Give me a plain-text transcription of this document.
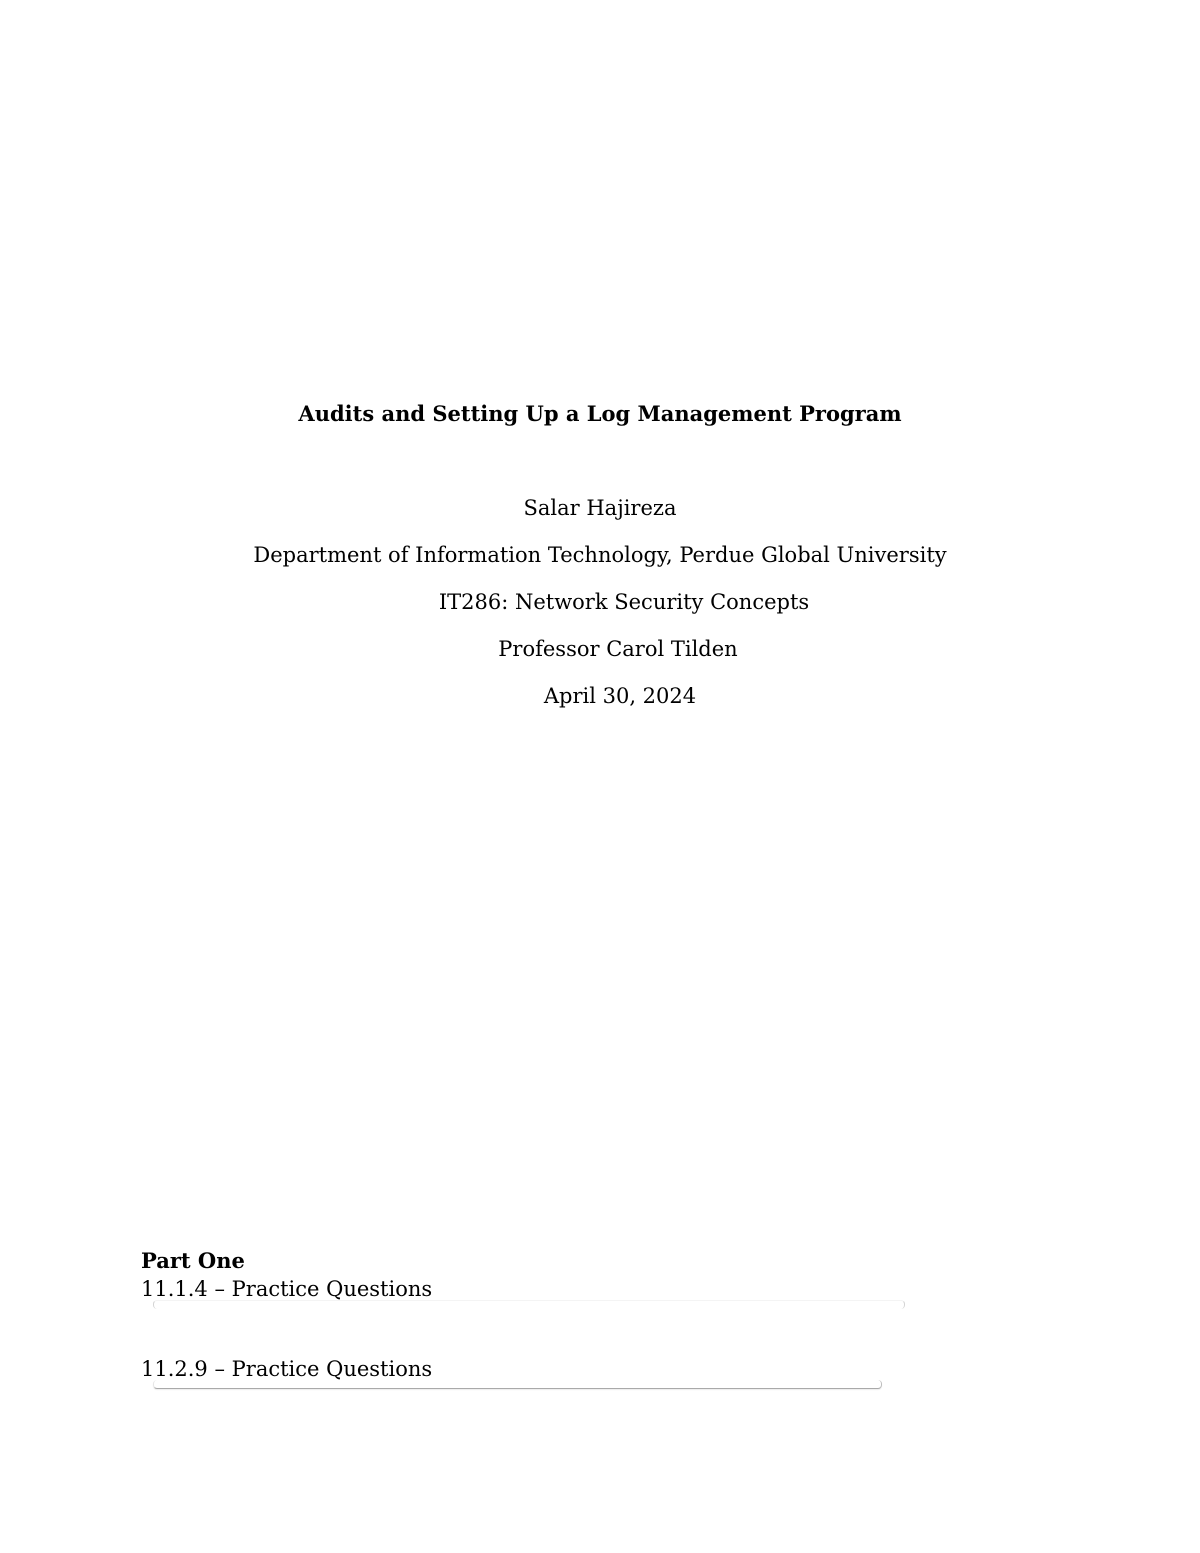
Audits and Setting Up a Log Management Program
Salar Hajireza
Department of Information Technology, Perdue Global University
IT286: Network Security Concepts
Professor Carol Tilden
April 30, 2024
Part One
11.1.4 – Practice Questions
11.2.9 – Practice Questions
